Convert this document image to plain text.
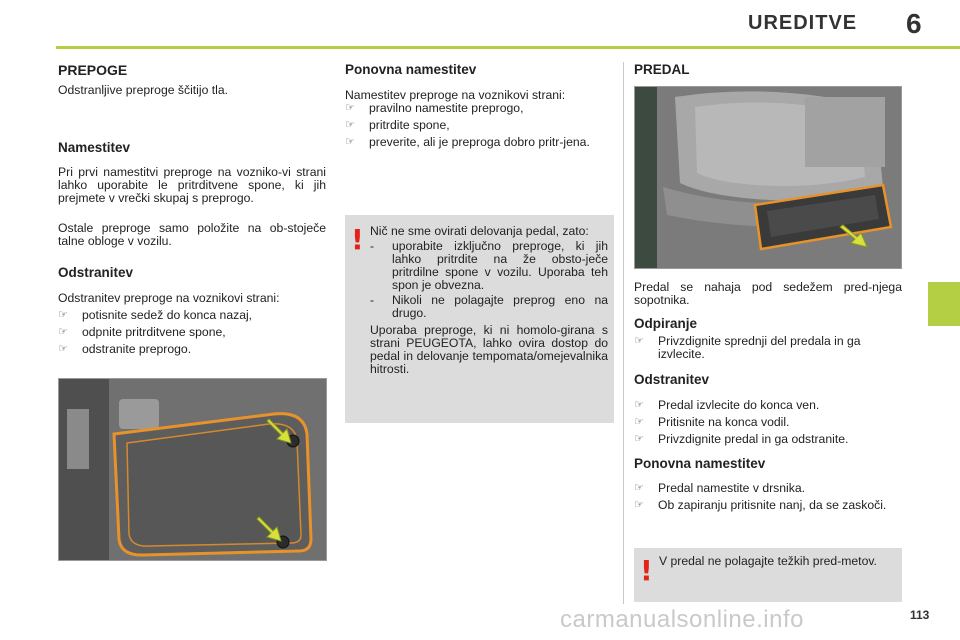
UREDITVE 6
PREPOGE
Odstranljive preproge ščitijo tla.
Namestitev
Pri prvi namestitvi preproge na vozniko-vi strani lahko uporabite le pritrditvene spone, ki jih prejmete v vrečki skupaj s preprogo.
Ostale preproge samo položite na ob-stoječe talne obloge v vozilu.
Odstranitev
Odstranitev preproge na voznikovi strani:
☞ potisnite sedež do konca nazaj,
☞ odpnite pritrditvene spone,
☞ odstranite preprogo.
Ponovna namestitev
Namestitev preproge na voznikovi strani:
☞ pravilno namestite preprogo,
☞ pritrdite spone,
☞ preverite, ali je preproga dobro pritr-jena.
! Nič ne sme ovirati delovanja pedal, zato:
- uporabite izključno preproge, ki jih lahko pritrdite na že obsto-ječe pritrdilne spone v vozilu. Uporaba teh spon je obvezna.
- Nikoli ne polagajte preprog eno na drugo.
Uporaba preproge, ki ni homolo-girana s strani PEUGEOTA, lahko ovira dostop do pedal in delovanje tempomata/omejevalnika hitrosti.
PREDAL
Predal se nahaja pod sedežem pred-njega sopotnika.
Odpiranje
☞ Privzdignite sprednji del predala in ga izvlecite.
Odstranitev
☞ Predal izvlecite do konca ven.
☞ Pritisnite na konca vodil.
☞ Privzdignite predal in ga odstranite.
Ponovna namestitev
☞ Predal namestite v drsnika.
☞ Ob zapiranju pritisnite nanj, da se zaskoči.
! V predal ne polagajte težkih pred-metov.
carmanualsonline.info	113
